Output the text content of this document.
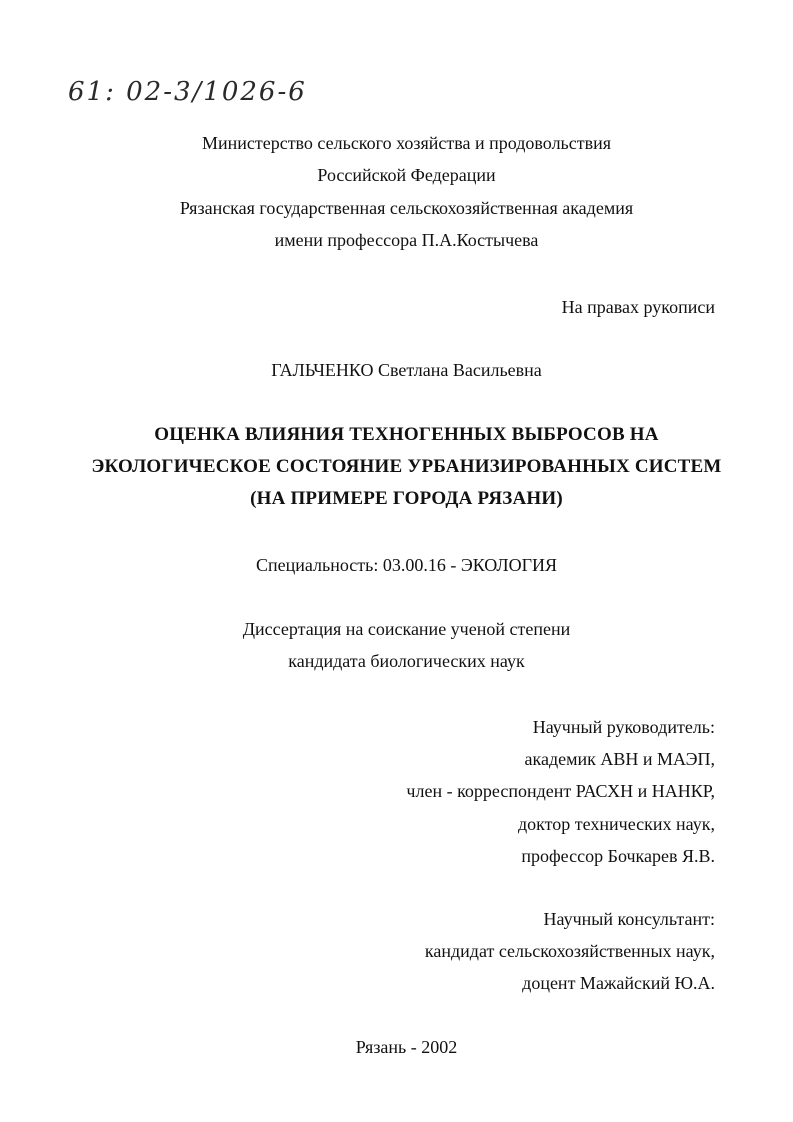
61: 02-3/1026-6
Министерство сельского хозяйства и продовольствия
Российской Федерации
Рязанская государственная сельскохозяйственная академия
имени профессора П.А.Костычева
На правах рукописи
ГАЛЬЧЕНКО Светлана Васильевна
ОЦЕНКА ВЛИЯНИЯ ТЕХНОГЕННЫХ ВЫБРОСОВ НА
ЭКОЛОГИЧЕСКОЕ СОСТОЯНИЕ УРБАНИЗИРОВАННЫХ СИСТЕМ
(НА ПРИМЕРЕ ГОРОДА РЯЗАНИ)
Специальность: 03.00.16 - ЭКОЛОГИЯ
Диссертация на соискание ученой степени
кандидата биологических наук
Научный руководитель:
академик АВН и МАЭП,
член - корреспондент РАСХН и НАНКР,
доктор технических наук,
профессор Бочкарев Я.В.
Научный консультант:
кандидат сельскохозяйственных наук,
доцент Мажайский Ю.А.
Рязань - 2002
